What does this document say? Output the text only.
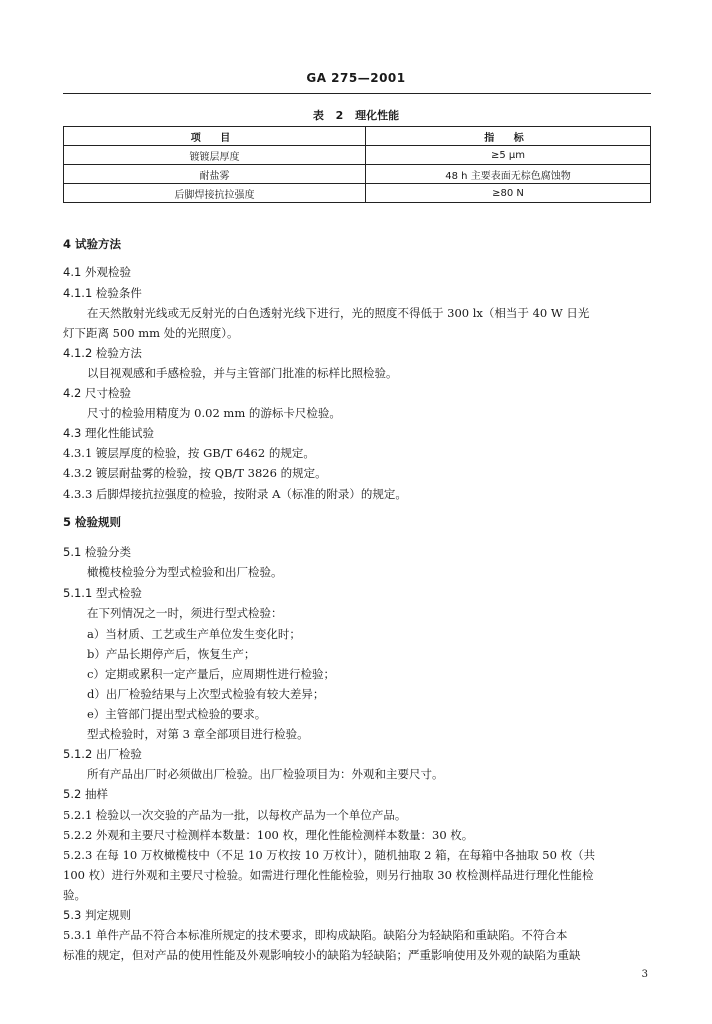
GA 275—2001
表 2 理化性能
项 目	指 标
镀镀层厚度	≥5 μm
耐盐雾	48 h 主要表面无棕色腐蚀物
后脚焊接抗拉强度	≥80 N
4 试验方法
4.1 外观检验
4.1.1 检验条件
在天然散射光线或无反射光的白色透射光线下进行，光的照度不得低于 300 lx（相当于 40 W 日光
灯下距离 500 mm 处的光照度）。
4.1.2 检验方法
以目视观感和手感检验，并与主管部门批准的标样比照检验。
4.2 尺寸检验
尺寸的检验用精度为 0.02 mm 的游标卡尺检验。
4.3 理化性能试验
4.3.1 镀层厚度的检验，按 GB/T 6462 的规定。
4.3.2 镀层耐盐雾的检验，按 QB/T 3826 的规定。
4.3.3 后脚焊接抗拉强度的检验，按附录 A（标准的附录）的规定。
5 检验规则
5.1 检验分类
橄榄枝检验分为型式检验和出厂检验。
5.1.1 型式检验
在下列情况之一时，须进行型式检验：
a）当材质、工艺或生产单位发生变化时；
b）产品长期停产后，恢复生产；
c）定期或累积一定产量后，应周期性进行检验；
d）出厂检验结果与上次型式检验有较大差异；
e）主管部门提出型式检验的要求。
型式检验时，对第 3 章全部项目进行检验。
5.1.2 出厂检验
所有产品出厂时必须做出厂检验。出厂检验项目为：外观和主要尺寸。
5.2 抽样
5.2.1 检验以一次交验的产品为一批，以每枚产品为一个单位产品。
5.2.2 外观和主要尺寸检测样本数量：100 枚，理化性能检测样本数量：30 枚。
5.2.3 在每 10 万枚橄榄枝中（不足 10 万枚按 10 万枚计），随机抽取 2 箱，在每箱中各抽取 50 枚（共
100 枚）进行外观和主要尺寸检验。如需进行理化性能检验，则另行抽取 30 枚检测样品进行理化性能检
验。
5.3 判定规则
5.3.1 单件产品不符合本标准所规定的技术要求，即构成缺陷。缺陷分为轻缺陷和重缺陷。不符合本
标准的规定，但对产品的使用性能及外观影响较小的缺陷为轻缺陷；严重影响使用及外观的缺陷为重缺
3
